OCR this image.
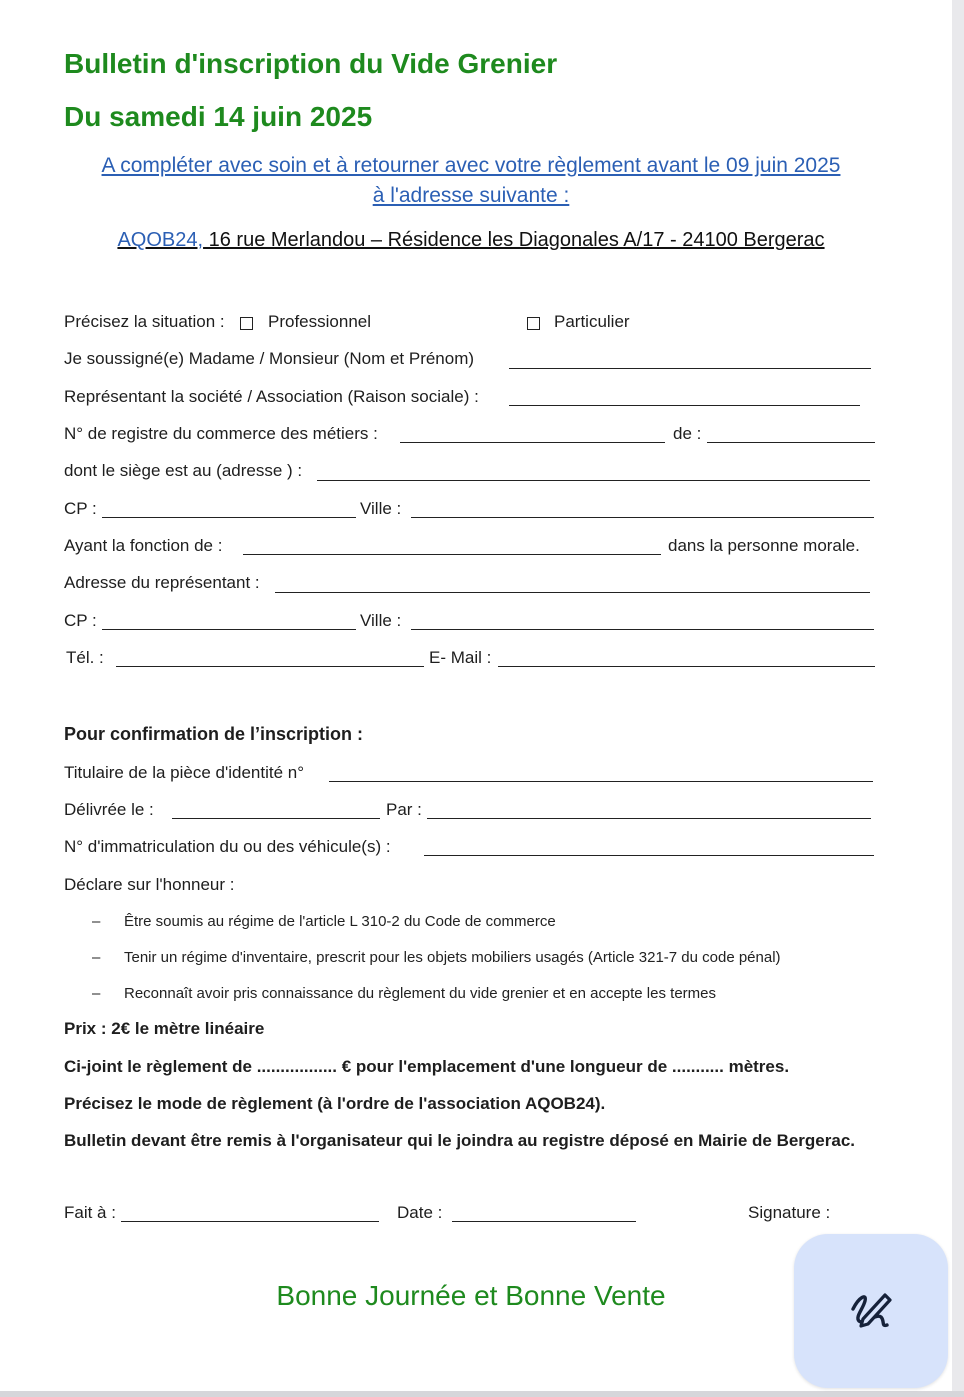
Bulletin d'inscription du Vide Grenier
Du samedi 14 juin 2025
A compléter avec soin et à retourner avec votre règlement avant le 09 juin 2025
à l'adresse suivante :
AQOB24, 16 rue Merlandou – Résidence les Diagonales A/17 - 24100 Bergerac
Précisez la situation :	Professionnel	Particulier
Je soussigné(e) Madame / Monsieur (Nom et Prénom)
Représentant la société / Association (Raison sociale) :
N° de registre du commerce des métiers :	de :
dont le siège est au (adresse ) :
CP :	Ville :
Ayant la fonction de :	dans la personne morale.
Adresse du représentant :
CP :	Ville :
Tél. :	E- Mail :
Pour confirmation de l’inscription :
Titulaire de la pièce d'identité n°
Délivrée le :	Par :
N° d'immatriculation du ou des véhicule(s) :
Déclare sur l'honneur :
– Être soumis au régime de l'article L 310-2 du Code de commerce
– Tenir un régime d'inventaire, prescrit pour les objets mobiliers usagés (Article 321-7 du code pénal)
– Reconnaît avoir pris connaissance du règlement du vide grenier et en accepte les termes
Prix : 2€ le mètre linéaire
Ci-joint le règlement de ................. € pour l'emplacement d'une longueur de ........... mètres.
Précisez le mode de règlement (à l'ordre de l'association AQOB24).
Bulletin devant être remis à l'organisateur qui le joindra au registre déposé en Mairie de Bergerac.
Fait à :	Date :	Signature :
Bonne Journée et Bonne Vente
